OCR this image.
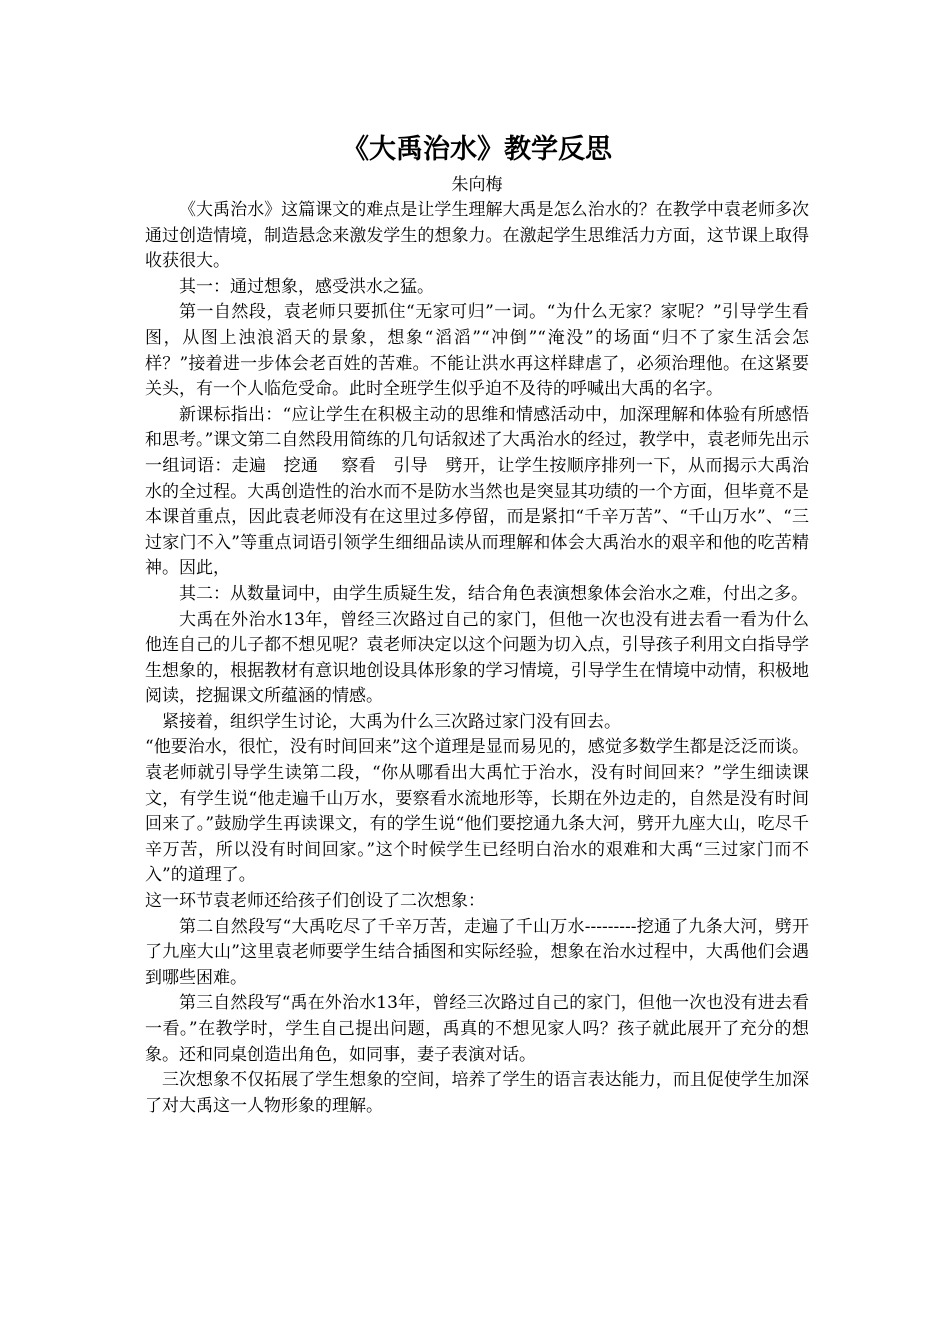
《大禹治水》教学反思

朱向梅

《大禹治水》这篇课文的难点是让学生理解大禹是怎么治水的？在教学中袁老师多次通过创造情境，制造悬念来激发学生的想象力。在激起学生思维活力方面，这节课上取得收获很大。

其一：通过想象，感受洪水之猛。

第一自然段，袁老师只要抓住“无家可归”一词。“为什么无家？家呢？”引导学生看图，从图上浊浪滔天的景象，想象“滔滔”“冲倒”“淹没”的场面“归不了家生活会怎样？”接着进一步体会老百姓的苦难。不能让洪水再这样肆虐了，必须治理他。在这紧要关头，有一个人临危受命。此时全班学生似乎迫不及待的呼喊出大禹的名字。

新课标指出：“应让学生在积极主动的思维和情感活动中，加深理解和体验有所感悟和思考。”课文第二自然段用简练的几句话叙述了大禹治水的经过，教学中，袁老师先出示一组词语：走遍　挖通　 察看　引导　劈开，让学生按顺序排列一下，从而揭示大禹治水的全过程。大禹创造性的治水而不是防水当然也是突显其功绩的一个方面，但毕竟不是本课首重点，因此袁老师没有在这里过多停留，而是紧扣“千辛万苦”、“千山万水”、“三过家门不入”等重点词语引领学生细细品读从而理解和体会大禹治水的艰辛和他的吃苦精神。因此，

其二：从数量词中，由学生质疑生发，结合角色表演想象体会治水之难，付出之多。

大禹在外治水13年，曾经三次路过自己的家门，但他一次也没有进去看一看为什么他连自己的儿子都不想见呢？袁老师决定以这个问题为切入点，引导孩子利用文白指导学生想象的，根据教材有意识地创设具体形象的学习情境，引导学生在情境中动情，积极地阅读，挖掘课文所蕴涵的情感。

紧接着，组织学生讨论，大禹为什么三次路过家门没有回去。

“他要治水，很忙，没有时间回来”这个道理是显而易见的，感觉多数学生都是泛泛而谈。袁老师就引导学生读第二段，“你从哪看出大禹忙于治水，没有时间回来？”学生细读课文，有学生说“他走遍千山万水，要察看水流地形等，长期在外边走的，自然是没有时间回来了。”鼓励学生再读课文，有的学生说“他们要挖通九条大河，劈开九座大山，吃尽千辛万苦，所以没有时间回家。”这个时候学生已经明白治水的艰难和大禹“三过家门而不入”的道理了。

这一环节袁老师还给孩子们创设了二次想象：

第二自然段写“大禹吃尽了千辛万苦，走遍了千山万水---------挖通了九条大河，劈开了九座大山”这里袁老师要学生结合插图和实际经验，想象在治水过程中，大禹他们会遇到哪些困难。

第三自然段写“禹在外治水13年，曾经三次路过自己的家门，但他一次也没有进去看一看。”在教学时，学生自己提出问题，禹真的不想见家人吗？孩子就此展开了充分的想象。还和同桌创造出角色，如同事，妻子表演对话。

三次想象不仅拓展了学生想象的空间，培养了学生的语言表达能力，而且促使学生加深了对大禹这一人物形象的理解。
